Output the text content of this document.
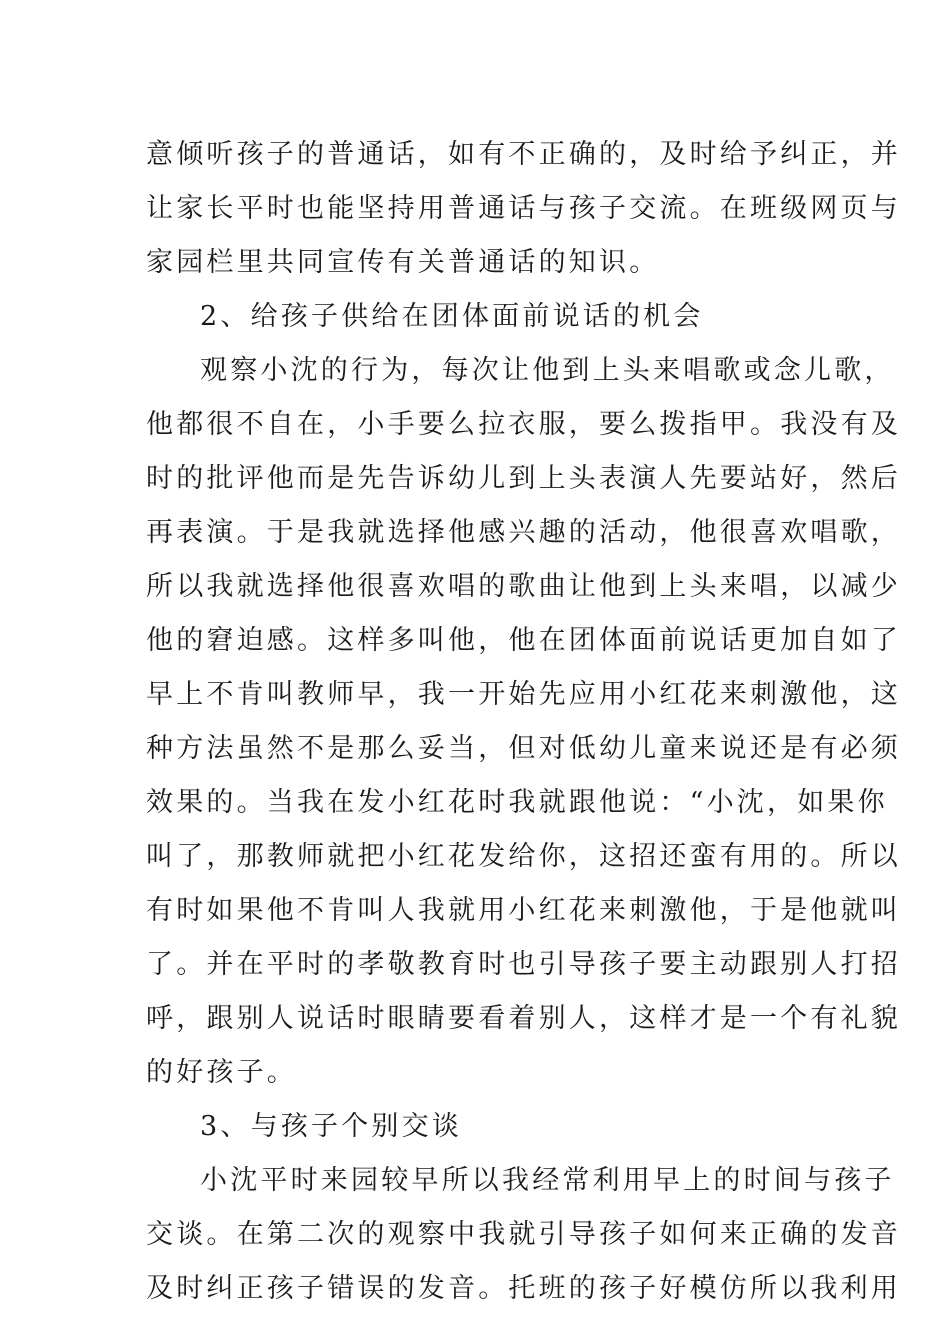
意倾听孩子的普通话，如有不正确的，及时给予纠正，并
让家长平时也能坚持用普通话与孩子交流。在班级网页与
家园栏里共同宣传有关普通话的知识。
2、给孩子供给在团体面前说话的机会
观察小沈的行为，每次让他到上头来唱歌或念儿歌，
他都很不自在，小手要么拉衣服，要么拨指甲。我没有及
时的批评他而是先告诉幼儿到上头表演人先要站好，然后
再表演。于是我就选择他感兴趣的活动，他很喜欢唱歌，
所以我就选择他很喜欢唱的歌曲让他到上头来唱，以减少
他的窘迫感。这样多叫他，他在团体面前说话更加自如了
早上不肯叫教师早，我一开始先应用小红花来刺激他，这
种方法虽然不是那么妥当，但对低幼儿童来说还是有必须
效果的。当我在发小红花时我就跟他说：“小沈，如果你
叫了，那教师就把小红花发给你，这招还蛮有用的。所以
有时如果他不肯叫人我就用小红花来刺激他，于是他就叫
了。并在平时的孝敬教育时也引导孩子要主动跟别人打招
呼，跟别人说话时眼睛要看着别人，这样才是一个有礼貌
的好孩子。
3、与孩子个别交谈
小沈平时来园较早所以我经常利用早上的时间与孩子
交谈。在第二次的观察中我就引导孩子如何来正确的发音
及时纠正孩子错误的发音。托班的孩子好模仿所以我利用
